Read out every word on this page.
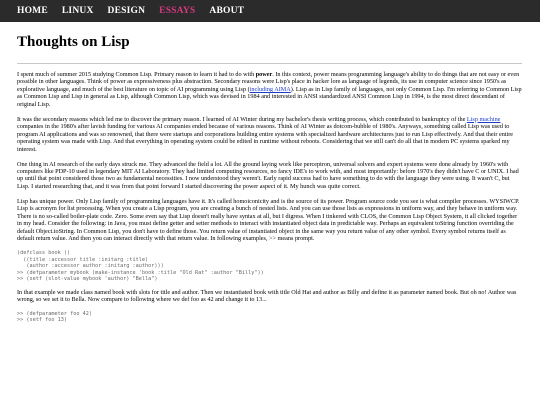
HOME LINUX DESIGN ESSAYS ABOUT
Thoughts on Lisp

I spent much of summer 2015 studying Common Lisp. Primary reason to learn it had to do with power. In this context, power means programming language's ability to do things that are not easy or even possible in other languages. Think of power as expressiveness plus abstraction. Secondary reasons were Lisp's place in hacker lore as language of legends, its use in computer science since 1950's as explorative language, and much of the best literature on topic of AI programming using Lisp (including AIMA). Lisp as in Lisp family of languages, not only Common Lisp. I'm referring to Common Lisp as Common Lisp and Lisp in general as Lisp, although Common Lisp, which was devised in 1984 and interested in ANSI standardized ANSI Common Lisp in 1994, is the most direct descendant of original Lisp.

It was the secondary reasons which led me to discover the primary reason. I learned of AI Winter during my bachelor's thesis writing process, which contributed to bankruptcy of the Lisp machine companies in the 1980's after lavish funding for various AI companies ended because of various reasons. Think of AI Winter as dotcom-bubble of 1980's. Anyways, something called Lisp was used to program AI applications and was so renowned, that there were startups and corporations building entire systems with specialized hardware architectures just to run Lisp effectively. And that their entire operating system was made with Lisp. And that everything in operating system could be edited in runtime without reboots. Considering that we still can't do all that in modern PC systems sparked my interest.

One thing in AI research of the early days struck me. They advanced the field a lot. All the ground laying work like perceptron, universal solvers and expert systems were done already by 1960's with computers like PDP-10 used in legendary MIT AI Laboratory. They had limited computing resources, no fancy IDE's to work with, and most importantly: before 1970's they didn't have C or UNIX. I had up until that point considered those two as fundamental necessities. I now understood they weren't. Early rapid success had to have something to do with the language they were using. It wasn't C, but Lisp. I started researching that, and it was from that point forward I started discovering the power aspect of it. My hunch was quite correct.

Lisp has unique power. Only Lisp family of programming languages have it. It's called homoiconicity and is the source of its power. Program source code you see is what compiler processes. WYSIWCP. Lisp is acronym for list processing. When you create a Lisp program, you are creating a bunch of nested lists. And you can use those lists as expressions in uniform way, and they behave in uniform way. There is no so-called boiler-plate code. Zero. Some even say that Lisp doesn't really have syntax at all, but I digress. When I tinkered with CLOS, the Common Lisp Object System, it all clicked together in my head. Consider the following: in Java, you must define getter and setter methods to interact with instantiated object data in predictable way. Perhaps an equivalent toString function overriding the default Object.toString. In Common Lisp, you don't have to define those. You return value of instantiated object in the same way you return value of any other symbol. Every symbol returns itself as default return value. And then you can interact directly with that return value. In following examples, >> means prompt.

(defclass book ()
((title :accessor title :initarg :title)
(author :accessor author :initarg :author)))
>> (defparameter mybook (make-instance 'book :title "Old Rat" :author "Billy"))
>> (setf (slot-value mybook 'author) "Bella")

In that example we made class named book with slots for title and author. Then we instantiated book with title Old Hat and author as Billy and define it as parameter named book. But oh no! Author was wrong, so we set it to Bella. Now compare to following where we def foo as 42 and change it to 13...

>> (defparameter foo 42)
>> (setf foo 13)
